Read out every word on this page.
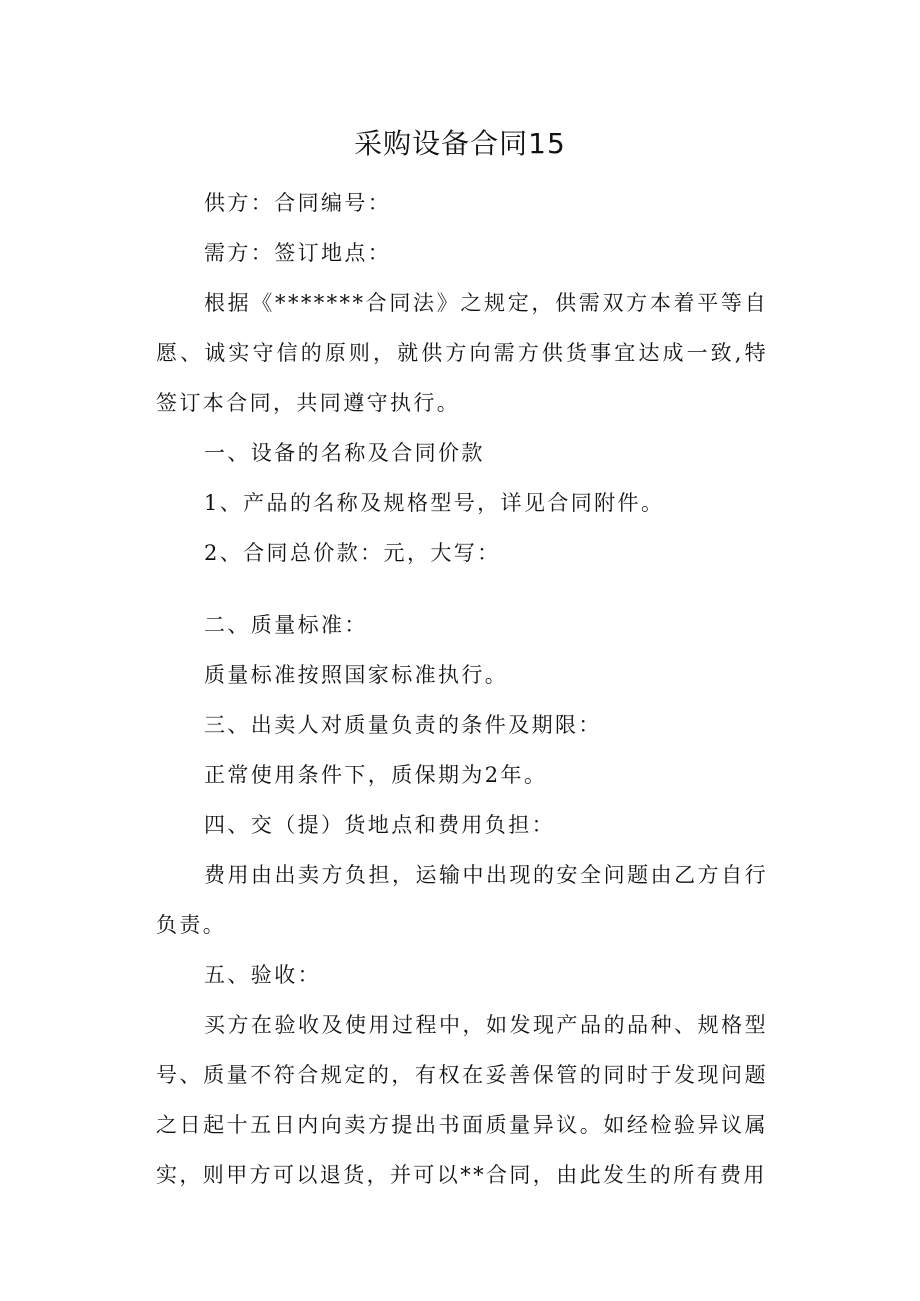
采购设备合同15

供方：合同编号：

需方：签订地点：

根据《*******合同法》之规定，供需双方本着平等自愿、诚实守信的原则，就供方向需方供货事宜达成一致,特签订本合同，共同遵守执行。

一、设备的名称及合同价款

1、产品的名称及规格型号，详见合同附件。

2、合同总价款：元，大写：

二、质量标准：

质量标准按照国家标准执行。

三、出卖人对质量负责的条件及期限：

正常使用条件下，质保期为2年。

四、交（提）货地点和费用负担：

费用由出卖方负担，运输中出现的安全问题由乙方自行负责。

五、验收：

买方在验收及使用过程中，如发现产品的品种、规格型号、质量不符合规定的，有权在妥善保管的同时于发现问题之日起十五日内向卖方提出书面质量异议。如经检验异议属实，则甲方可以退货，并可以**合同，由此发生的所有费用
